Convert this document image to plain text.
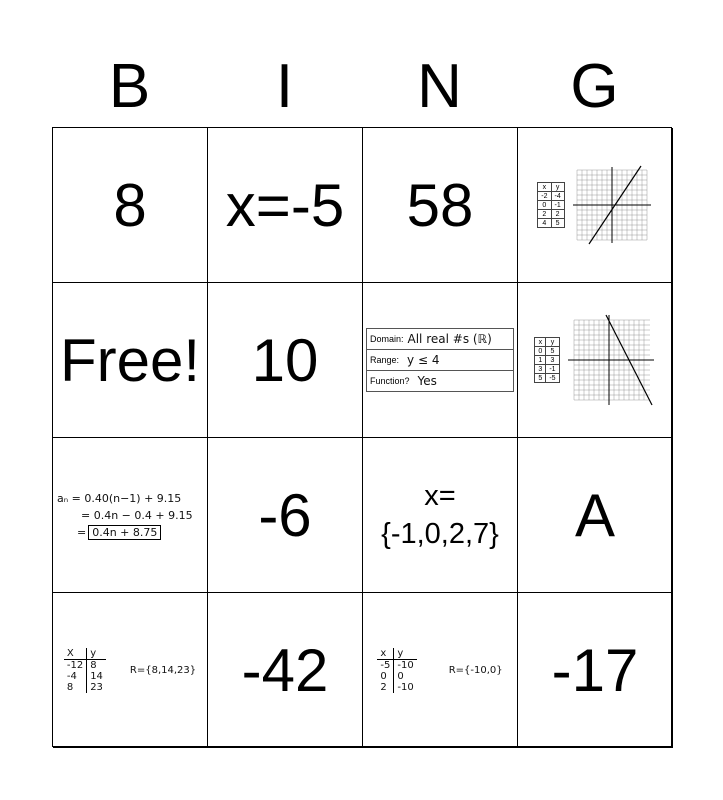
B	I	N	G
8 x=-5 58	x	y
-2	-4
0	-1
2	2
4	5
Free! 10	Domain: All real #s (ℝ)
Range: y ≤ 4
Function? Yes
x	y
0	5
1	3
3	-1
5	-5
aₙ = 0.40(n−1) + 9.15
= 0.4n − 0.4 + 9.15
= 0.4n + 8.75	-6	x=
{-1,0,2,7} A
X	y
-12	8
-4	14
8	23
R={8,14,23} -42	x	y
-5	-10
0	0
2	-10
R={-10,0} -17
